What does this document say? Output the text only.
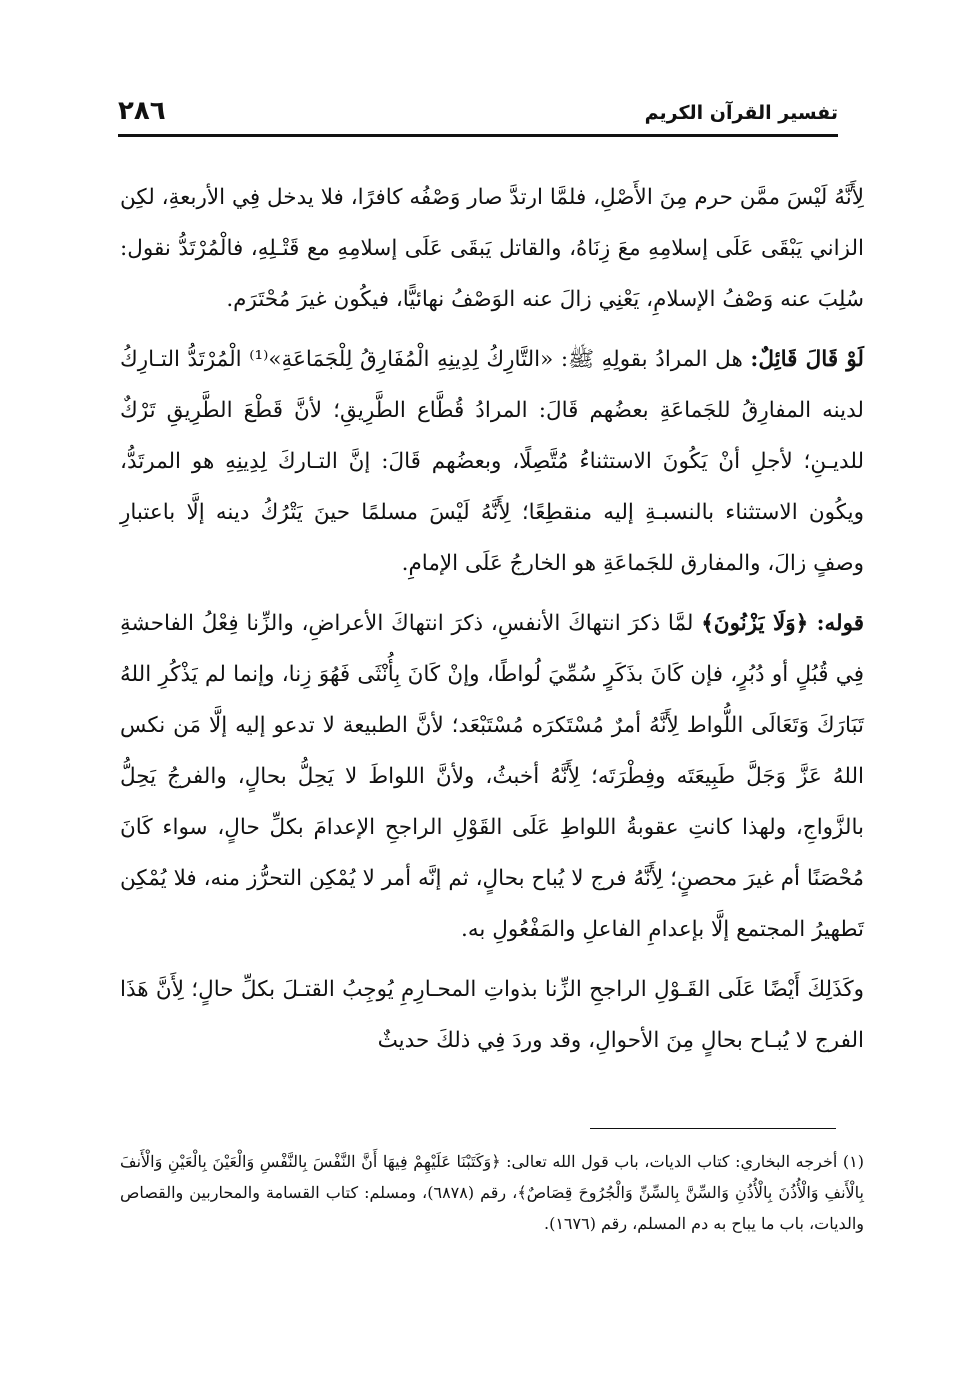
تفسير القرآن الكريم
٢٨٦

لِأَنَّهُ لَيْسَ ممَّن حرم مِنَ الأَصْلِ، فلمَّا ارتدَّ صار وَصْفُه كافرًا، فلا يدخل فِي الأربعةِ، لكِن الزاني يَبْقَى عَلَى إسلامِهِ معَ زِنَاهُ، والقاتل يَبقَى عَلَى إسلامِهِ مع قَتْـلِهِ، فالْمُرْتَدُّ نقول: سُلِبَ عنه وَصْفُ الإسلامِ، يَعْنِي زالَ عنه الوَصْفُ نهائيًّا، فيكُون غيرَ مُحْتَرَم.

لَوْ قَالَ قَائِلٌ: هل المرادُ بقولِهِ ﷺ: «التَّارِكُ لِدِينِهِ الْمُفَارِقُ لِلْجَمَاعَةِ»⁽¹⁾ الْمُرْتَدُّ التـارِكُ لدينه المفارِقُ للجَماعَةِ بعضُهم قَالَ: المرادُ قُطَّاع الطَّرِيقِ؛ لأنَّ قَطْعَ الطَّرِيقِ تَرْكٌ للديـنِ؛ لأجلِ أنْ يَكُونَ الاستثناءُ مُتَّصِلًا، وبعضُهم قَالَ: إنَّ التـاركَ لِدِينِهِ هو المرتَدُّ، ويكُون الاستثناء بالنسبـةِ إليه منقطِعًا؛ لِأَنَّهُ لَيْسَ مسلمًا حينَ يَتْرُكُ دينه إلَّا باعتبارِ وصفٍ زالَ، والمفارق للجَماعَةِ هو الخارجُ عَلَى الإمامِ.

قوله: ﴿وَلَا يَزْنُونَ﴾ لمَّا ذكرَ انتهاكَ الأنفسِ، ذكرَ انتهاكَ الأعراضِ، والزِّنا فِعْلُ الفاحشةِ فِي قُبُلٍ أو دُبُرٍ، فإن كَانَ بذَكَرٍ سُمِّيَ لُواطًا، وإنْ كَانَ بِأُنْثَى فَهُوَ زِنا، وإنما لم يَذْكُرِ اللهُ تَبَارَكَ وَتَعَالَى اللُّواط لِأَنَّهُ أمرٌ مُسْتَكرَه مُسْتَبْعَد؛ لأنَّ الطبيعة لا تدعو إليه إلَّا مَن نكس اللهُ عَزَّ وَجَلَّ طَبِيعَتَه وفِطْرَتَه؛ لِأَنَّهُ أخبثُ، ولأنَّ اللواطَ لا يَحِلُّ بحالٍ، والفرجُ يَحِلُّ بالزَّواجِ، ولهذا كانتِ عقوبةُ اللواطِ عَلَى القَوْلِ الراجحِ الإعدامَ بكلِّ حالٍ، سواء كَانَ مُحْصَنًا أم غيرَ محصنٍ؛ لِأَنَّهُ فرج لا يُباح بحالٍ، ثم إنَّه أمر لا يُمْكِن التحرُّز منه، فلا يُمْكِن تَطهيرُ المجتمع إلَّا بإعدامِ الفاعلِ والمَفْعُولِ به.

وكَذَلِكَ أَيْضًا عَلَى القَـوْلِ الراجحِ الزِّنا بذواتِ المحـارِمِ يُوجِبُ القتـلَ بكلِّ حالٍ؛ لِأَنَّ هَذَا الفرج لا يُبـاح بحالٍ مِنَ الأحوالِ، وقد وردَ فِي ذلكَ حديثٌ

(١) أخرجه البخاري: كتاب الديات، باب قول الله تعالى: ﴿وَكَتَبْنَا عَلَيْهِمْ فِيهَا أَنَّ النَّفْسَ بِالنَّفْسِ وَالْعَيْنَ بِالْعَيْنِ وَالْأَنفَ بِالْأَنفِ وَالْأُذُنَ بِالْأُذُنِ وَالسِّنَّ بِالسِّنِّ وَالْجُرُوحَ قِصَاصٌ﴾، رقم (٦٨٧٨)، ومسلم: كتاب القسامة والمحاربين والقصاص والديات، باب ما يباح به دم المسلم، رقم (١٦٧٦).
